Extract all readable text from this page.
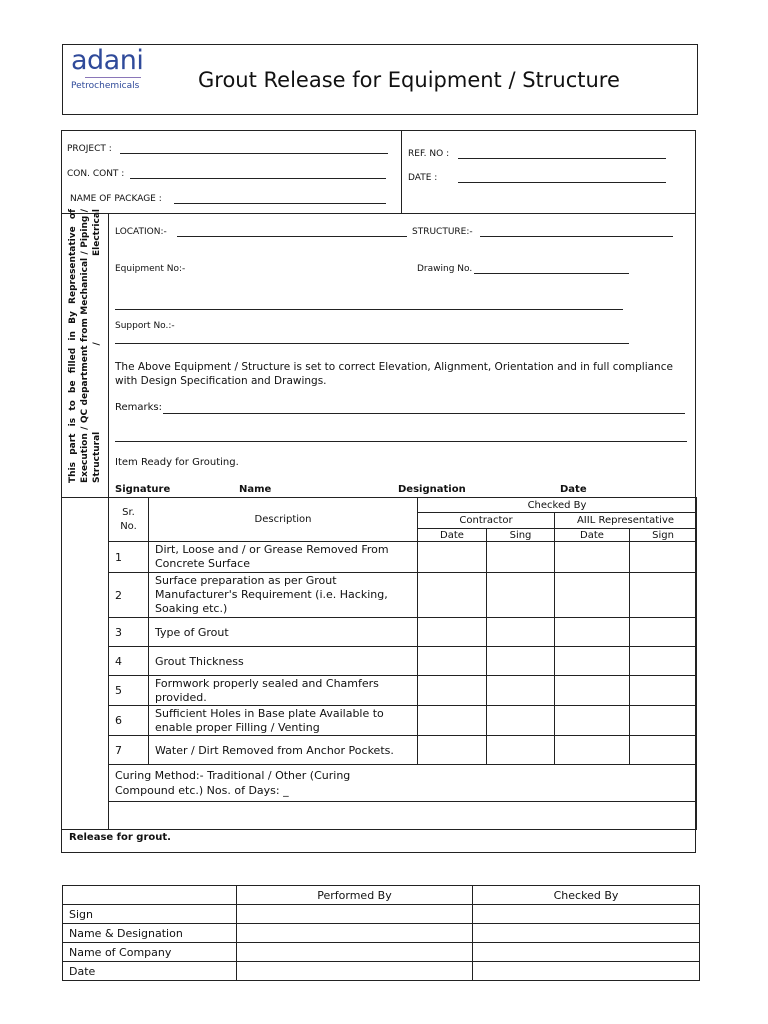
adani
Petrochemicals	Grout Release for Equipment / Structure
PROJECT :
CON. CONT :
NAME OF PACKAGE :
REF. NO :
DATE :
This part is to be filled in By Representative of Execution / QC department from Mechanical / Piping / Structural / Electrical LOCATION:-	STRUCTURE:-
Equipment No:-	Drawing No.
Support No.:-
The Above Equipment / Structure is set to correct Elevation, Alignment, Orientation and in full compliance with Design Specification and Drawings.
Remarks:
Item Ready for Grouting.
Signature	Name	Designation	Date
Sr. No.	Description	Checked By			
		Contractor		AIIL Representative	
		Date	Sing	Date	Sign
1	Dirt, Loose and / or Grease Removed From Concrete Surface				
2	Surface preparation as per Grout Manufacturer's Requirement (i.e. Hacking, Soaking etc.)				
3	Type of Grout				
4	Grout Thickness				
5	Formwork properly sealed and Chamfers provided.				
6	Sufficient Holes in Base plate Available to enable proper Filling / Venting				
7	Water / Dirt Removed from Anchor Pockets.				
Curing Method:- Traditional / Other (Curing Compound etc.) Nos. of Days: _					

Release for grout.
	Performed By	Checked By
Sign		
Name & Designation		
Name of Company		
Date		
